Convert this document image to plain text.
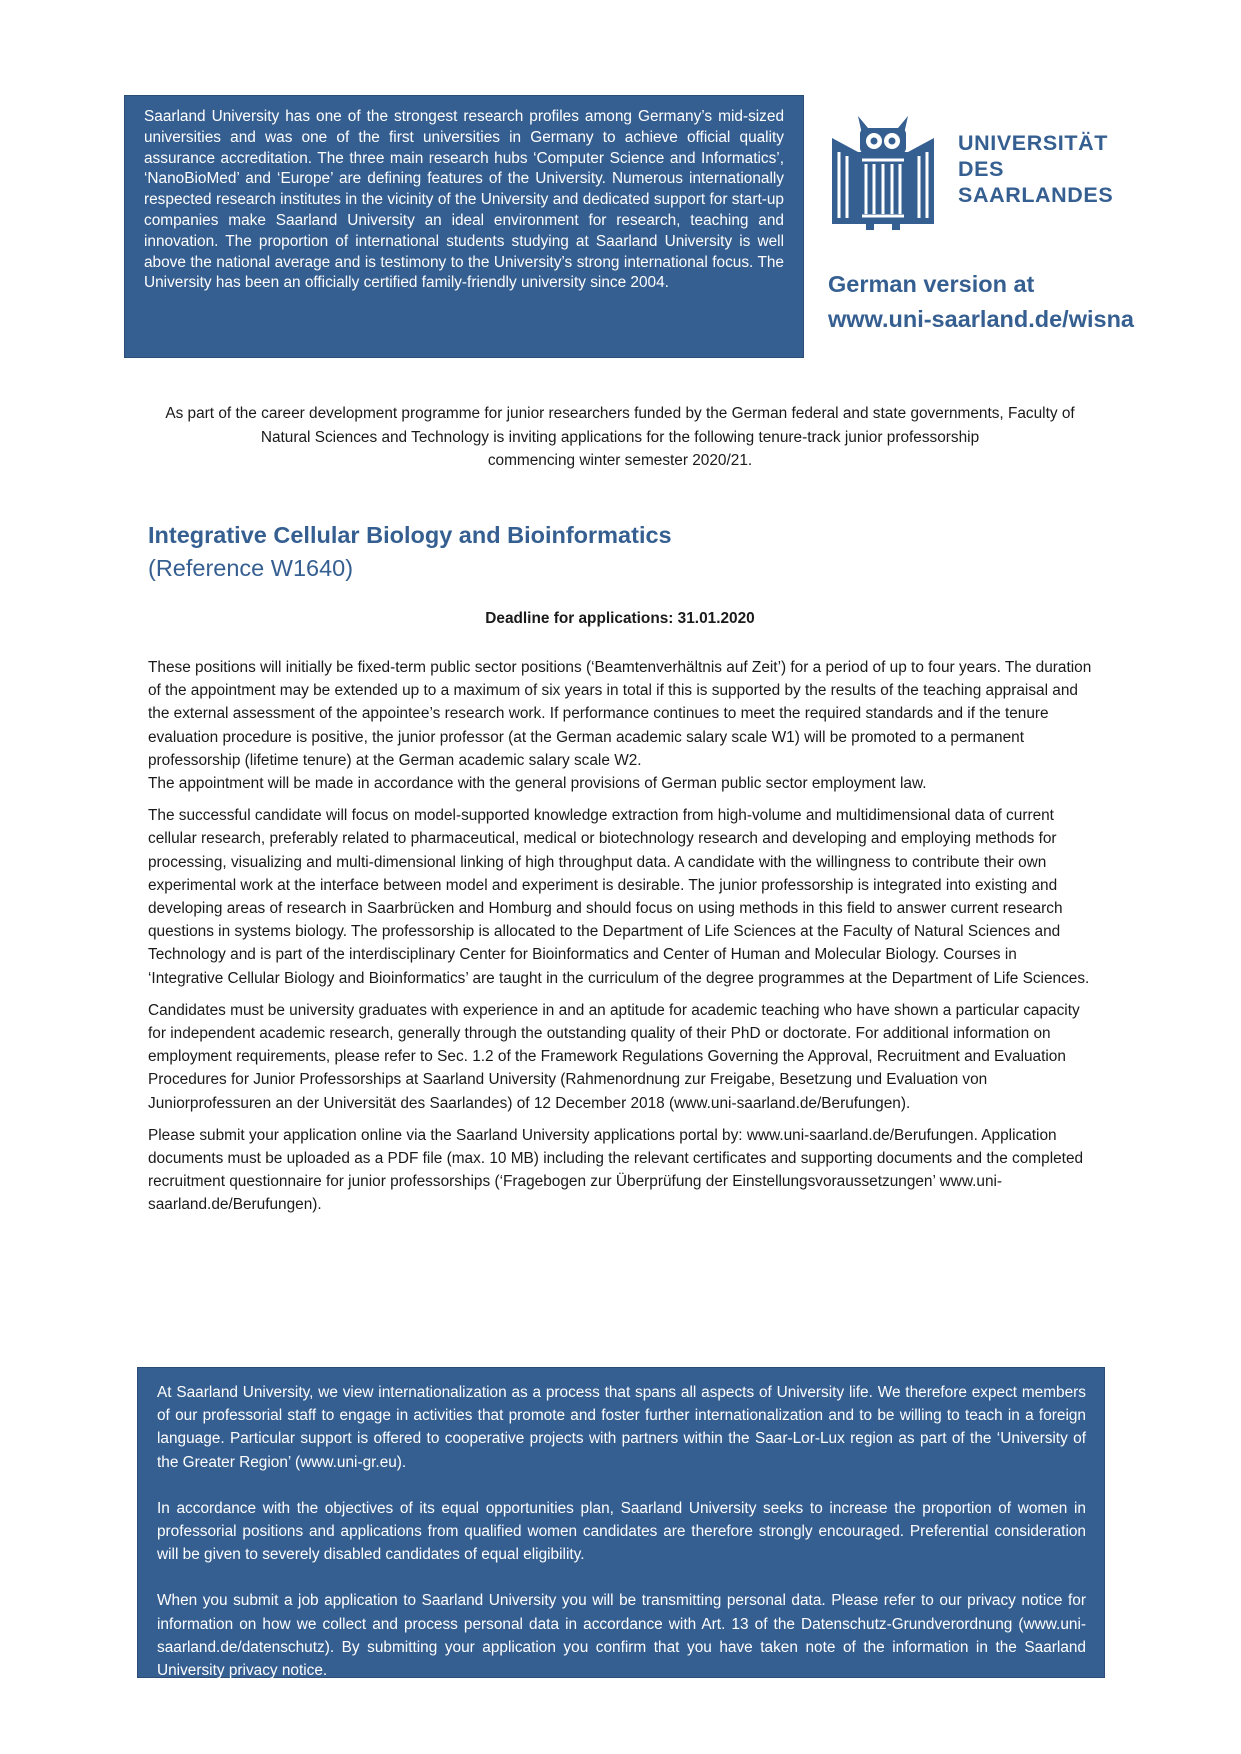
Saarland University has one of the strongest research profiles among Germany’s mid-sized universities and was one of the first universities in Germany to achieve official quality assurance accreditation. The three main research hubs ‘Computer Science and Informatics’, ‘NanoBioMed’ and ‘Europe’ are defining features of the University. Numerous internationally respected research institutes in the vicinity of the University and dedicated support for start-up companies make Saarland University an ideal environment for research, teaching and innovation. The proportion of international students studying at Saarland University is well above the national average and is testimony to the University’s strong international focus. The University has been an officially certified family-friendly university since 2004.
UNIVERSITÄT
DES
SAARLANDES
German version at
www.uni-saarland.de/wisna
As part of the career development programme for junior researchers funded by the German federal and state governments, Faculty of Natural Sciences and Technology is inviting applications for the following tenure-track junior professorship
commencing winter semester 2020/21.
Integrative Cellular Biology and Bioinformatics
(Reference W1640)
Deadline for applications: 31.01.2020

These positions will initially be fixed-term public sector positions (‘Beamtenverhältnis auf Zeit’) for a period of up to four years. The duration of the appointment may be extended up to a maximum of six years in total if this is supported by the results of the teaching appraisal and the external assessment of the appointee’s research work. If performance continues to meet the required standards and if the tenure evaluation procedure is positive, the junior professor (at the German academic salary scale W1) will be promoted to a permanent professorship (lifetime tenure) at the German academic salary scale W2.

The appointment will be made in accordance with the general provisions of German public sector employment law.

The successful candidate will focus on model-supported knowledge extraction from high-volume and multidimensional data of current cellular research, preferably related to pharmaceutical, medical or biotechnology research and developing and employing methods for processing, visualizing and multi-dimensional linking of high throughput data. A candidate with the willingness to contribute their own experimental work at the interface between model and experiment is desirable. The junior professorship is integrated into existing and developing areas of research in Saarbrücken and Homburg and should focus on using methods in this field to answer current research questions in systems biology. The professorship is allocated to the Department of Life Sciences at the Faculty of Natural Sciences and Technology and is part of the interdisciplinary Center for Bioinformatics and Center of Human and Molecular Biology. Courses in ‘Integrative Cellular Biology and Bioinformatics’ are taught in the curriculum of the degree programmes at the Department of Life Sciences.

Candidates must be university graduates with experience in and an aptitude for academic teaching who have shown a particular capacity for independent academic research, generally through the outstanding quality of their PhD or doctorate. For additional information on employment requirements, please refer to Sec. 1.2 of the Framework Regulations Governing the Approval, Recruitment and Evaluation Procedures for Junior Professorships at Saarland University (Rahmenordnung zur Freigabe, Besetzung und Evaluation von Juniorprofessuren an der Universität des Saarlandes) of 12 December 2018 (www.uni-saarland.de/Berufungen).

Please submit your application online via the Saarland University applications portal by: www.uni-saarland.de/Berufungen. Application documents must be uploaded as a PDF file (max. 10 MB) including the relevant certificates and supporting documents and the completed recruitment questionnaire for junior professorships (‘Fragebogen zur Überprüfung der Einstellungsvoraussetzungen’ www.uni-saarland.de/Berufungen).

At Saarland University, we view internationalization as a process that spans all aspects of University life. We therefore expect members of our professorial staff to engage in activities that promote and foster further internationalization and to be willing to teach in a foreign language. Particular support is offered to cooperative projects with partners within the Saar-Lor-Lux region as part of the ‘University of the Greater Region’ (www.uni-gr.eu).

In accordance with the objectives of its equal opportunities plan, Saarland University seeks to increase the proportion of women in professorial positions and applications from qualified women candidates are therefore strongly encouraged. Preferential consideration will be given to severely disabled candidates of equal eligibility.

When you submit a job application to Saarland University you will be transmitting personal data. Please refer to our privacy notice for information on how we collect and process personal data in accordance with Art. 13 of the Datenschutz-Grundverordnung (www.uni-saarland.de/datenschutz). By submitting your application you confirm that you have taken note of the information in the Saarland University privacy notice.
